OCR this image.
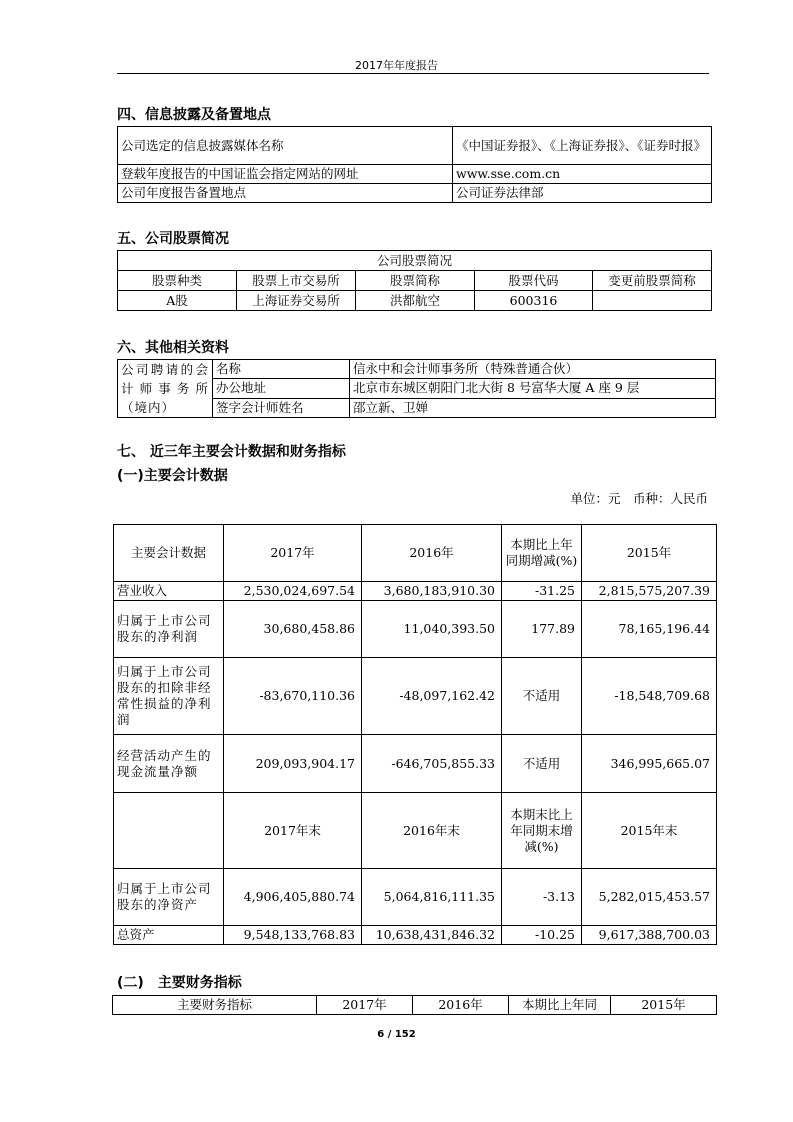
2017年年度报告
四、信息披露及备置地点
公司选定的信息披露媒体名称	《中国证券报》、《上海证券报》、《证券时报》
登载年度报告的中国证监会指定网站的网址	www.sse.com.cn
公司年度报告备置地点	公司证券法律部
五、公司股票简况
公司股票简况				
股票种类	股票上市交易所	股票简称	股票代码	变更前股票简称
A股	上海证券交易所	洪都航空	600316	
六、其他相关资料
公司聘请的会计师事务所（境内）	名称	信永中和会计师事务所（特殊普通合伙）
	办公地址	北京市东城区朝阳门北大街 8 号富华大厦 A 座 9 层
	签字会计师姓名	邵立新、卫婵
七、 近三年主要会计数据和财务指标
(一)主要会计数据
单位：元　币种：人民币
主要会计数据	2017年	2016年	本期比上年同期增减(%)	2015年
营业收入	2,530,024,697.54	3,680,183,910.30	-31.25	2,815,575,207.39
归属于上市公司股东的净利润	30,680,458.86	11,040,393.50	177.89	78,165,196.44
归属于上市公司股东的扣除非经常性损益的净利润	-83,670,110.36	-48,097,162.42	不适用	-18,548,709.68
经营活动产生的现金流量净额	209,093,904.17	-646,705,855.33	不适用	346,995,665.07
	2017年末	2016年末	本期末比上年同期末增减(%)	2015年末
归属于上市公司股东的净资产	4,906,405,880.74	5,064,816,111.35	-3.13	5,282,015,453.57
总资产	9,548,133,768.83	10,638,431,846.32	-10.25	9,617,388,700.03
(二)　主要财务指标
主要财务指标	2017年	2016年	本期比上年同	2015年
6 / 152
